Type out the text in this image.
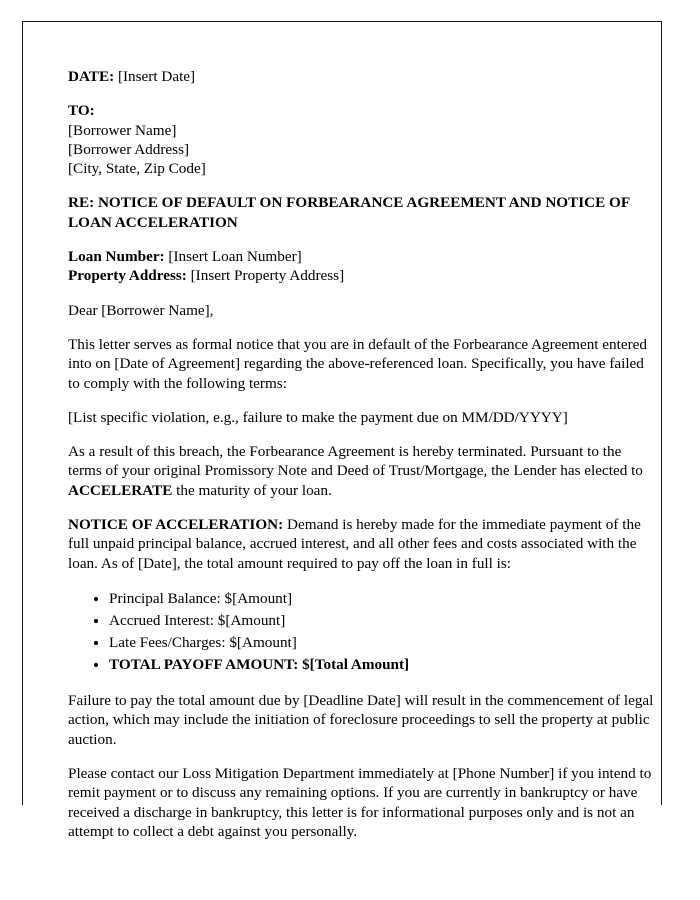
DATE: [Insert Date]

TO:

[Borrower Name]

[Borrower Address]

[City, State, Zip Code]

RE: NOTICE OF DEFAULT ON FORBEARANCE AGREEMENT AND NOTICE OF LOAN ACCELERATION

Loan Number: [Insert Loan Number]

Property Address: [Insert Property Address]

Dear [Borrower Name],

This letter serves as formal notice that you are in default of the Forbearance Agreement entered into on [Date of Agreement] regarding the above-referenced loan. Specifically, you have failed to comply with the following terms:

[List specific violation, e.g., failure to make the payment due on MM/DD/YYYY]

As a result of this breach, the Forbearance Agreement is hereby terminated. Pursuant to the terms of your original Promissory Note and Deed of Trust/Mortgage, the Lender has elected to ACCELERATE the maturity of your loan.

NOTICE OF ACCELERATION: Demand is hereby made for the immediate payment of the full unpaid principal balance, accrued interest, and all other fees and costs associated with the loan. As of [Date], the total amount required to pay off the loan in full is:

• Principal Balance: $[Amount]
• Accrued Interest: $[Amount]
• Late Fees/Charges: $[Amount]
• TOTAL PAYOFF AMOUNT: $[Total Amount]

Failure to pay the total amount due by [Deadline Date] will result in the commencement of legal action, which may include the initiation of foreclosure proceedings to sell the property at public auction.

Please contact our Loss Mitigation Department immediately at [Phone Number] if you intend to remit payment or to discuss any remaining options. If you are currently in bankruptcy or have received a discharge in bankruptcy, this letter is for informational purposes only and is not an attempt to collect a debt against you personally.
